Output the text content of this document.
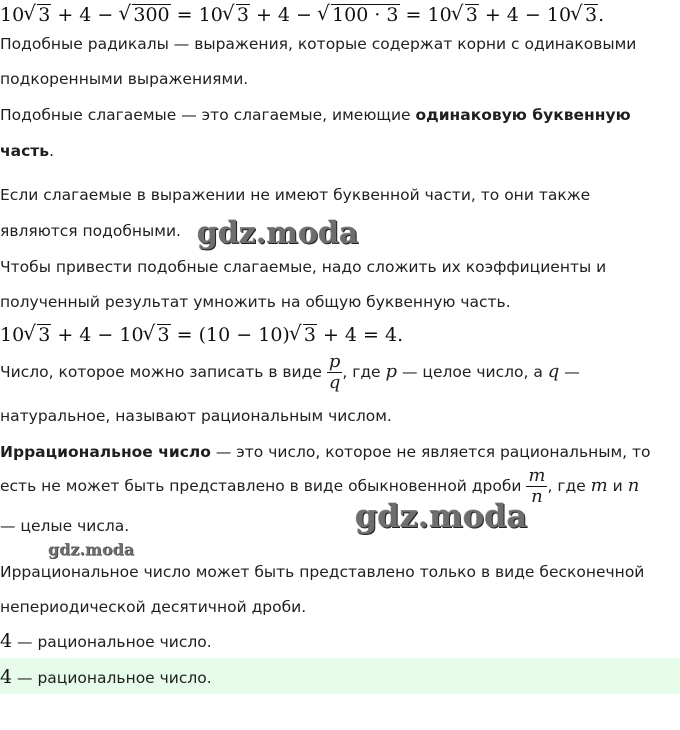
10 √ 3 + 4 − √ 300 = 10 √ 3 + 4 − √ 100 · 3 = 10 √ 3 + 4 − 10 √ 3.
Подобные радикалы — выражения, которые содержат корни с одинаковыми
подкоренными выражениями.
Подобные слагаемые — это слагаемые, имеющие одинаковую буквенную
часть.
Если слагаемые в выражении не имеют буквенной части, то они также
являются подобными. gdz.moda
Чтобы привести подобные слагаемые, надо сложить их коэффициенты и
полученный результат умножить на общую буквенную часть.
10 √ 3 + 4 − 10 √ 3 = (10 − 10) √ 3 + 4 = 4.
Число, которое можно записать в виде $\frac{p}{q}$ , где p — целое число, а q —
натуральное, называют рациональным числом.
Иррациональное число — это число, которое не является рациональным, то
есть не может быть представлено в виде обыкновенной дроби $\frac{m}{n}$ , где m и n
— целые числа.	gdz.moda
gdz.moda
Иррациональное число может быть представлено только в виде бесконечной
непериодической десятичной дроби.
4 — рациональное число.
4 — рациональное число.
